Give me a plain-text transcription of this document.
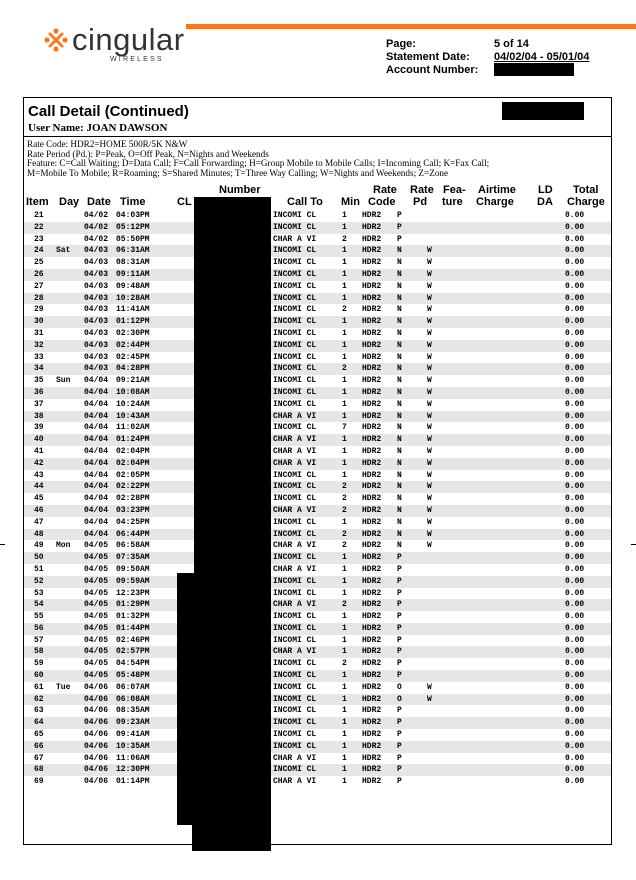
cingular
WIRELESS
Page:	5 of 14
Statement Date: 04/02/04 - 05/01/04
Account Number:
Call Detail (Continued)
User Name: JOAN DAWSON
Rate Code: HDR2=HOME 500R/5K N&W
Rate Period (Pd.): P=Peak, O=Off Peak, N=Nights and Weekends
Feature: C=Call Waiting; D=Data Call; F=Call Forwarding; H=Group Mobile to Mobile Calls; I=Incoming Call; K=Fax Call;
M=Mobile To Mobile; R=Roaming; S=Shared Minutes; T=Three Way Calling; W=Nights and Weekends; Z=Zone
Number	Rate Rate Fea- Airtime LD Total
Item Day Date Time	CL	Call To Min Code Pd ture Charge DA Charge
21	04/02 04:03PM	INCOMI CL	1 HDR2 P	0.00
22	04/02 05:12PM	INCOMI CL	1 HDR2 P	0.00
23	04/02 05:50PM	CHAR A VI	2 HDR2 P	0.00
24 Sat 04/03 06:31AM	INCOMI CL	1 HDR2 N	W	0.00
25	04/03 08:31AM	INCOMI CL	1 HDR2 N	W	0.00
26	04/03 09:11AM	INCOMI CL	1 HDR2 N	W	0.00
27	04/03 09:48AM	INCOMI CL	1 HDR2 N	W	0.00
28	04/03 10:28AM	INCOMI CL	1 HDR2 N	W	0.00
29	04/03 11:41AM	INCOMI CL	2 HDR2 N	W	0.00
30	04/03 01:12PM	INCOMI CL	1 HDR2 N	W	0.00
31	04/03 02:30PM	INCOMI CL	1 HDR2 N	W	0.00
32	04/03 02:44PM	INCOMI CL	1 HDR2 N	W	0.00
33	04/03 02:45PM	INCOMI CL	1 HDR2 N	W	0.00
34	04/03 04:28PM	INCOMI CL	2 HDR2 N	W	0.00
35 Sun 04/04 09:21AM	INCOMI CL	1 HDR2 N	W	0.00
36	04/04 10:08AM	INCOMI CL	1 HDR2 N	W	0.00
37	04/04 10:24AM	INCOMI CL	1 HDR2 N	W	0.00
38	04/04 10:43AM	CHAR A VI	1 HDR2 N	W	0.00
39	04/04 11:02AM	INCOMI CL	7 HDR2 N	W	0.00
40	04/04 01:24PM	CHAR A VI	1 HDR2 N	W	0.00
41	04/04 02:04PM	CHAR A VI	1 HDR2 N	W	0.00
42	04/04 02:04PM	CHAR A VI	1 HDR2 N	W	0.00
43	04/04 02:05PM	INCOMI CL	1 HDR2 N	W	0.00
44	04/04 02:22PM	INCOMI CL	2 HDR2 N	W	0.00
45	04/04 02:28PM	INCOMI CL	2 HDR2 N	W	0.00
46	04/04 03:23PM	CHAR A VI	2 HDR2 N	W	0.00
47	04/04 04:25PM	INCOMI CL	1 HDR2 N	W	0.00
48	04/04 06:44PM	INCOMI CL	2 HDR2 N	W	0.00
49 Mon 04/05 06:58AM	CHAR A VI	2 HDR2 N	W	0.00
50	04/05 07:35AM	INCOMI CL	1 HDR2 P	0.00
51	04/05 09:50AM	CHAR A VI	1 HDR2 P	0.00
52	04/05 09:59AM	INCOMI CL	1 HDR2 P	0.00
53	04/05 12:23PM	INCOMI CL	1 HDR2 P	0.00
54	04/05 01:29PM	CHAR A VI	2 HDR2 P	0.00
55	04/05 01:32PM	INCOMI CL	1 HDR2 P	0.00
56	04/05 01:44PM	INCOMI CL	1 HDR2 P	0.00
57	04/05 02:46PM	INCOMI CL	1 HDR2 P	0.00
58	04/05 02:57PM	CHAR A VI	1 HDR2 P	0.00
59	04/05 04:54PM	INCOMI CL	2 HDR2 P	0.00
60	04/05 05:48PM	INCOMI CL	1 HDR2 P	0.00
61 Tue 04/06 06:07AM	INCOMI CL	1 HDR2 O	W	0.00
62	04/06 06:08AM	INCOMI CL	1 HDR2 O	W	0.00
63	04/06 08:35AM	INCOMI CL	1 HDR2 P	0.00
64	04/06 09:23AM	INCOMI CL	1 HDR2 P	0.00
65	04/06 09:41AM	INCOMI CL	1 HDR2 P	0.00
66	04/06 10:35AM	INCOMI CL	1 HDR2 P	0.00
67	04/06 11:06AM	CHAR A VI	1 HDR2 P	0.00
68	04/06 12:30PM	INCOMI CL	1 HDR2 P	0.00
69	04/06 01:14PM	CHAR A VI	1 HDR2 P	0.00
